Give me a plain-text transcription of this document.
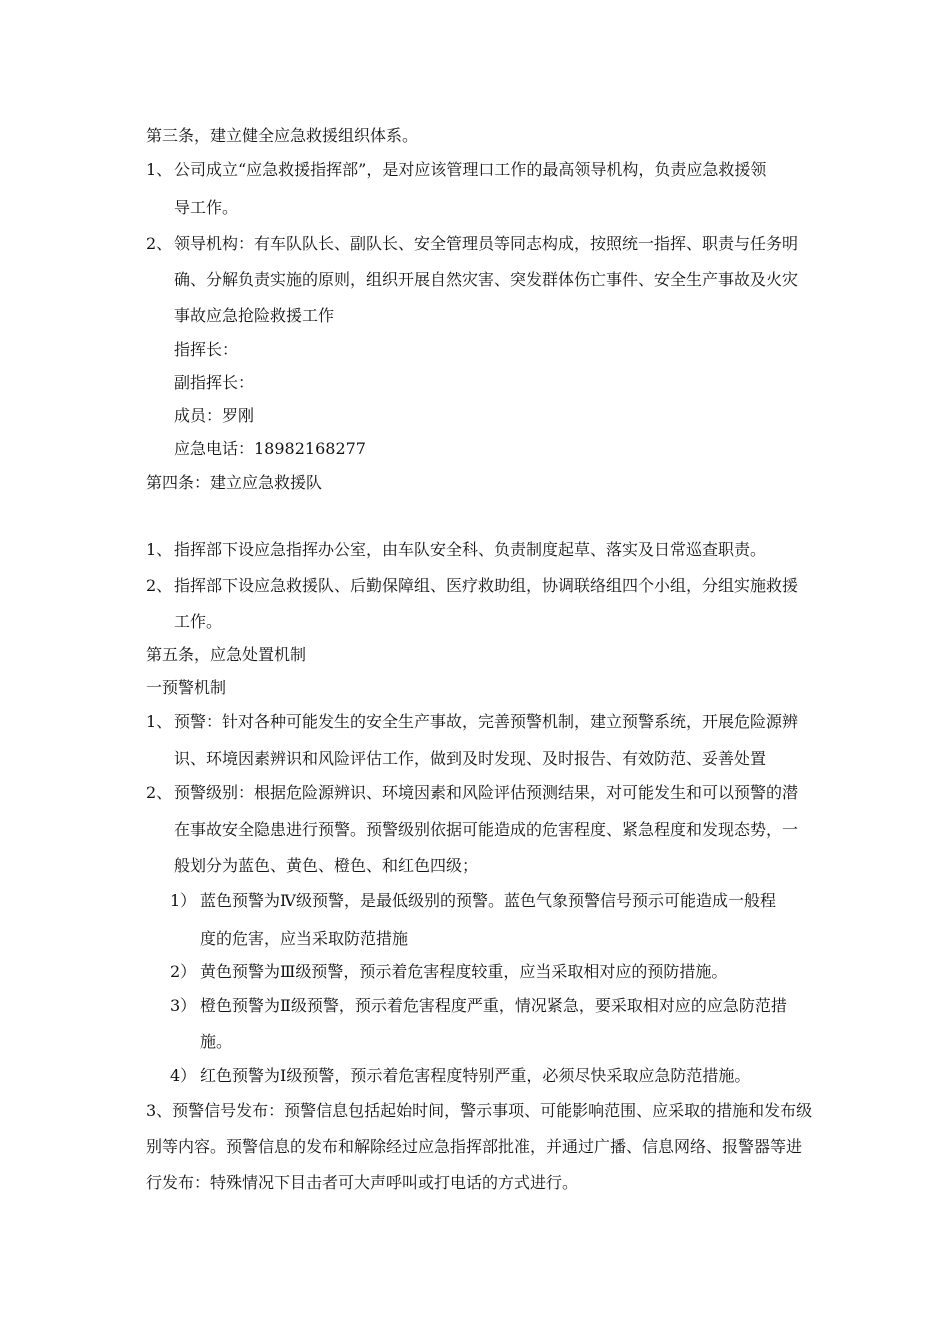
第三条，建立健全应急救援组织体系。
1、 公司成立“应急救援指挥部”，是对应该管理口工作的最高领导机构，负责应急救援领
导工作。
2、 领导机构：有车队队长、副队长、安全管理员等同志构成，按照统一指挥、职责与任务明
确、分解负责实施的原则，组织开展自然灾害、突发群体伤亡事件、安全生产事故及火灾
事故应急抢险救援工作
指挥长：
副指挥长：
成员：罗刚
应急电话：18982168277
第四条：建立应急救援队
1、 指挥部下设应急指挥办公室，由车队安全科、负责制度起草、落实及日常巡查职责。
2、 指挥部下设应急救援队、后勤保障组、医疗救助组，协调联络组四个小组，分组实施救援
工作。
第五条，应急处置机制
一预警机制
1、 预警：针对各种可能发生的安全生产事故，完善预警机制，建立预警系统，开展危险源辨
识、环境因素辨识和风险评估工作，做到及时发现、及时报告、有效防范、妥善处置
2、 预警级别：根据危险源辨识、环境因素和风险评估预测结果，对可能发生和可以预警的潜
在事故安全隐患进行预警。预警级别依据可能造成的危害程度、紧急程度和发现态势，一
般划分为蓝色、黄色、橙色、和红色四级；
1） 蓝色预警为Ⅳ级预警，是最低级别的预警。蓝色气象预警信号预示可能造成一般程
度的危害，应当采取防范措施
2） 黄色预警为Ⅲ级预警，预示着危害程度较重，应当采取相对应的预防措施。
3） 橙色预警为Ⅱ级预警，预示着危害程度严重，情况紧急，要采取相对应的应急防范措
施。
4） 红色预警为Ⅰ级预警，预示着危害程度特别严重，必须尽快采取应急防范措施。
3、预警信号发布：预警信息包括起始时间，警示事项、可能影响范围、应采取的措施和发布级
别等内容。预警信息的发布和解除经过应急指挥部批准，并通过广播、信息网络、报警器等进
行发布：特殊情况下目击者可大声呼叫或打电话的方式进行。
